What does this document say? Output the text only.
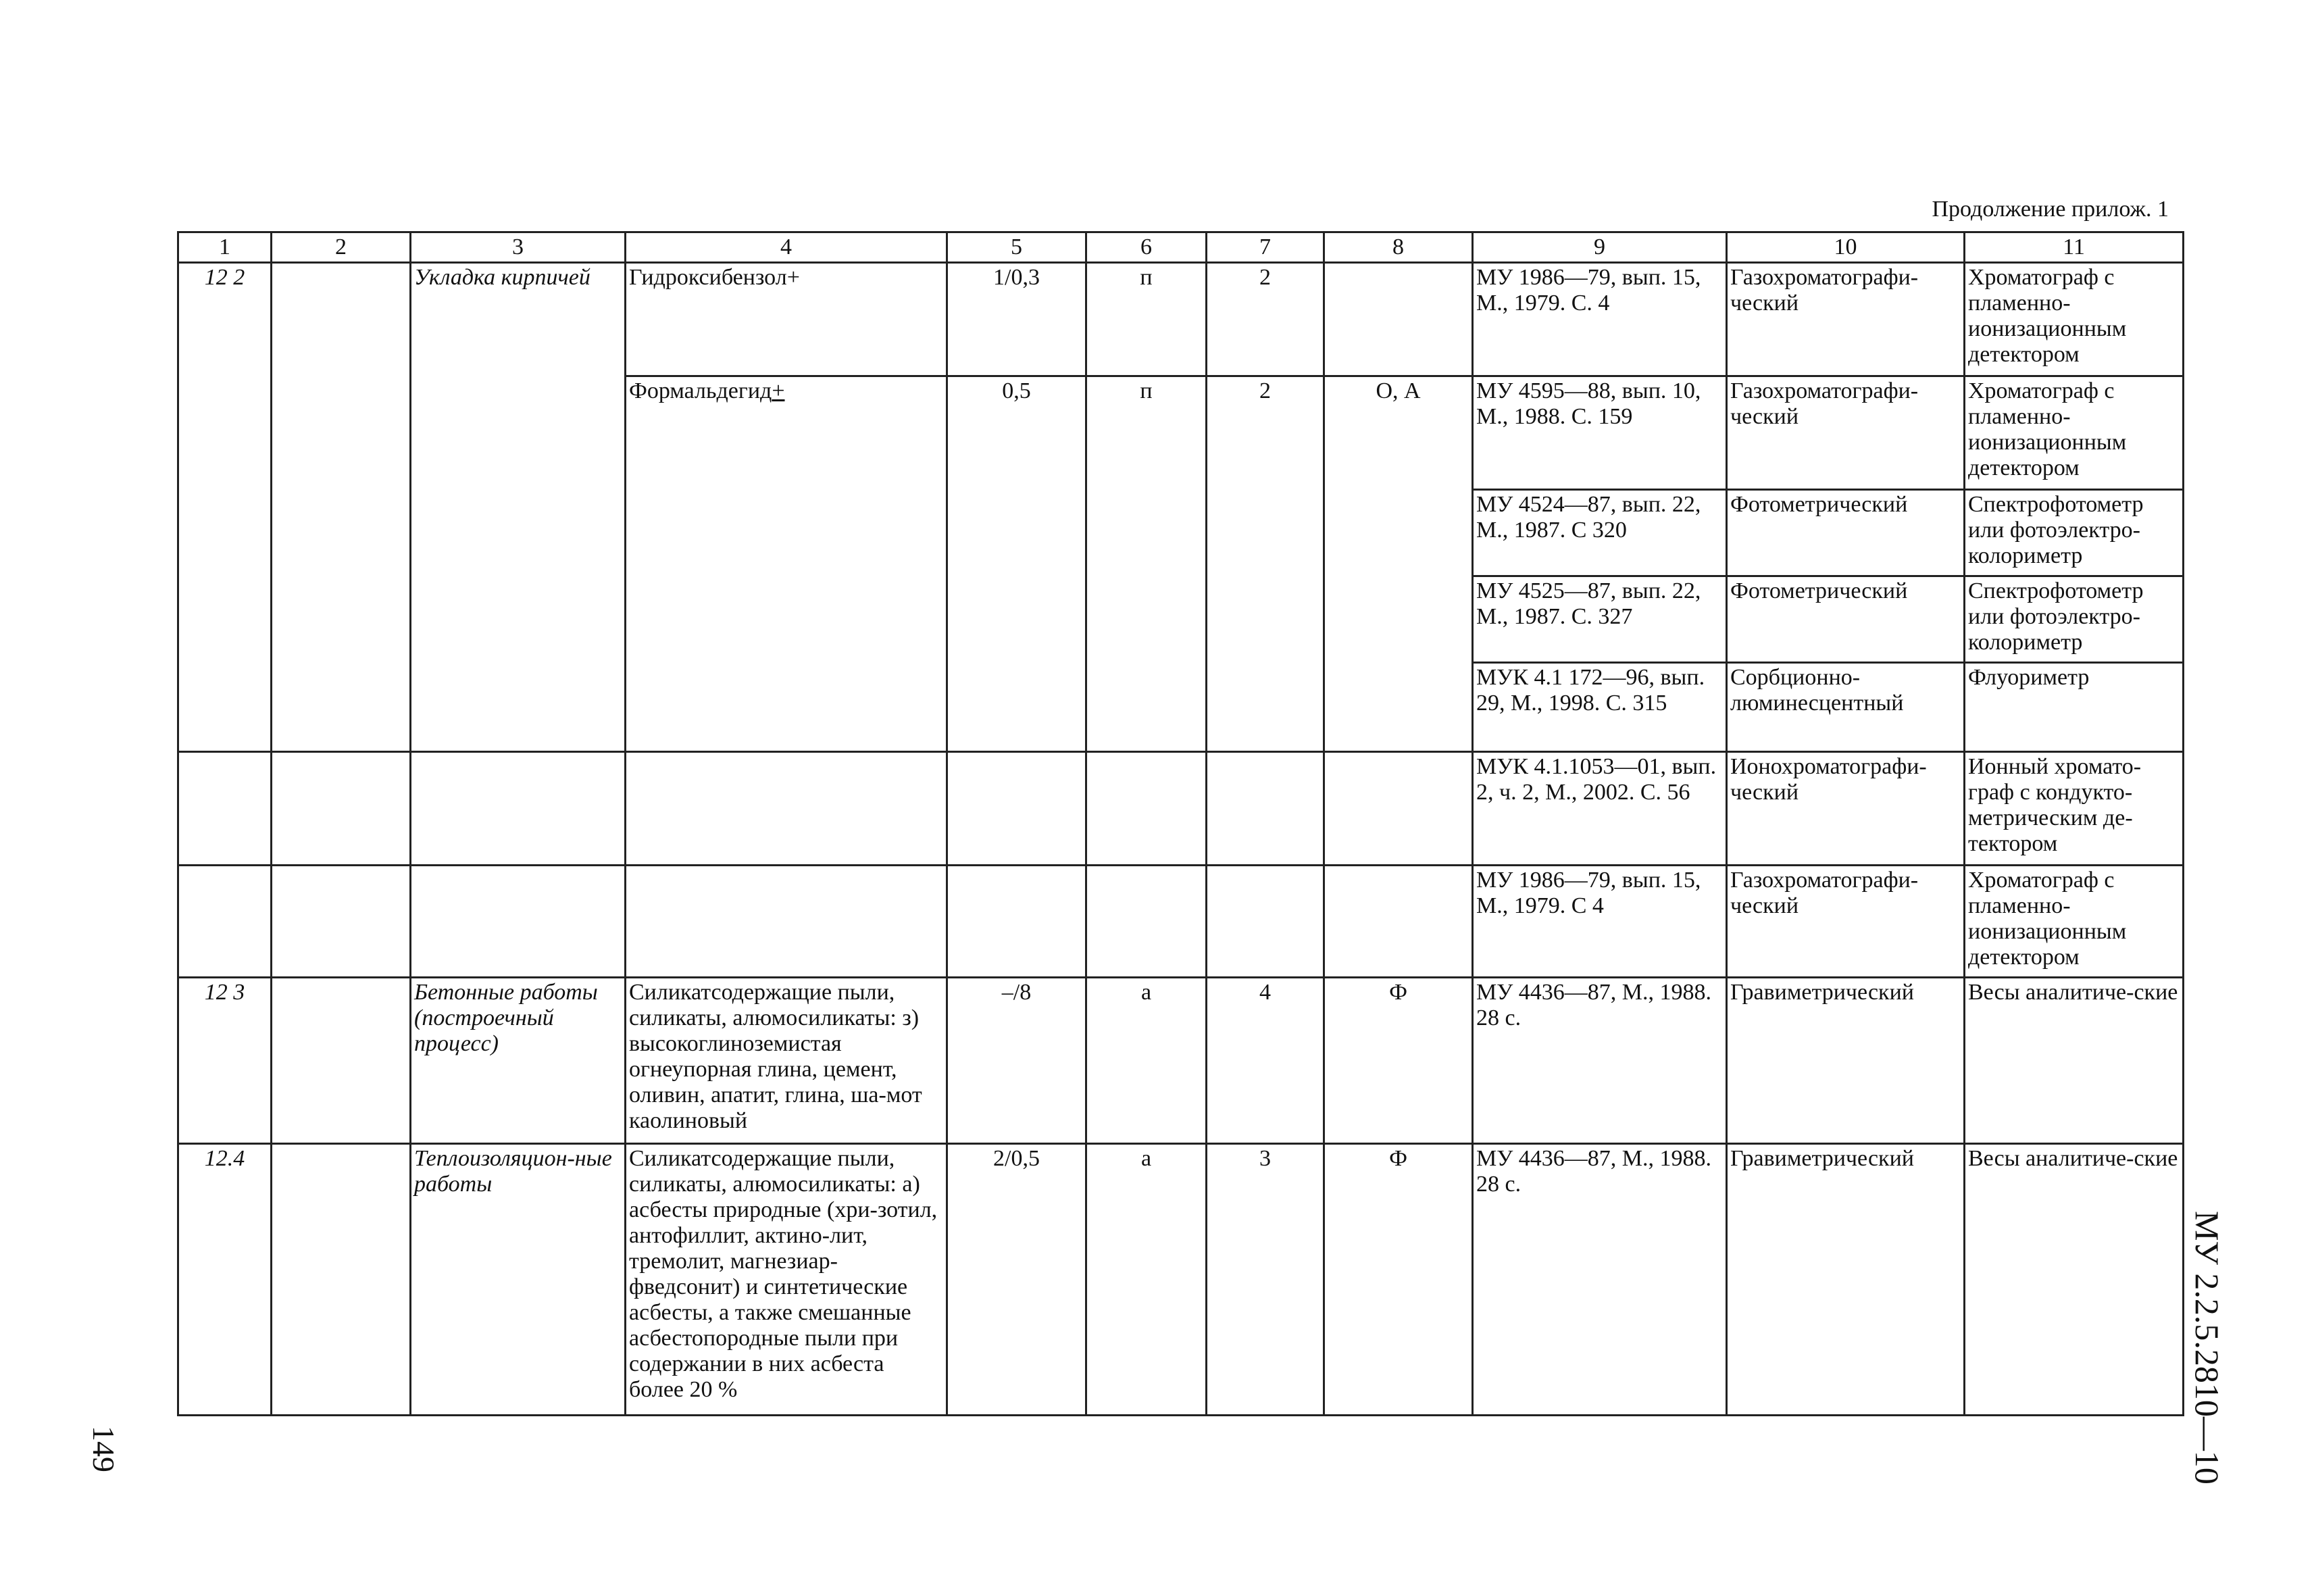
Продолжение прилож. 1
1	2	3	4	5	6	7	8	9	10	11
12 2		Укладка кирпичей	Гидроксибензол+	1/0,3	п	2		МУ 1986—79, вып. 15, М., 1979. С. 4	Газохроматографи-ческий	Хроматограф с пламенно-ионизационным детектором
			Формальдегид+	0,5	п	2	О, А	МУ 4595—88, вып. 10, М., 1988. С. 159	Газохроматографи-ческий	Хроматограф с пламенно-ионизационным детектором
								МУ 4524—87, вып. 22, М., 1987. С 320	Фотометрический	Спектрофотометр или фотоэлектро-колориметр
								МУ 4525—87, вып. 22, М., 1987. С. 327	Фотометрический	Спектрофотометр или фотоэлектро-колориметр
								МУК 4.1 172—96, вып. 29, М., 1998. С. 315	Сорбционно-люминесцентный	Флуориметр
								МУК 4.1.1053—01, вып. 2, ч. 2, М., 2002. С. 56	Ионохроматографи-ческий	Ионный хромато-граф с кондукто-метрическим де-тектором
								МУ 1986—79, вып. 15, М., 1979. С 4	Газохроматографи-ческий	Хроматограф с пламенно-ионизационным детектором
12 3		Бетонные работы (построечный процесс)	Силикатсодержащие пыли, силикаты, алюмосиликаты: з) высокоглиноземистая огнеупорная глина, цемент, оливин, апатит, глина, ша-мот каолиновый	–/8	а	4	Ф	МУ 4436—87, М., 1988. 28 с.	Гравиметрический	Весы аналитиче-ские
12.4		Теплоизоляцион-ные работы	Силикатсодержащие пыли, силикаты, алюмосиликаты: а) асбесты природные (хри-зотил, антофиллит, актино-лит, тремолит, магнезиар-фведсонит) и синтетические асбесты, а также смешанные асбестопородные пыли при содержании в них асбеста более 20 %	2/0,5	а	3	Ф	МУ 4436—87, М., 1988. 28 с.	Гравиметрический	Весы аналитиче-ские
149	МУ 2.2.5.2810—10
